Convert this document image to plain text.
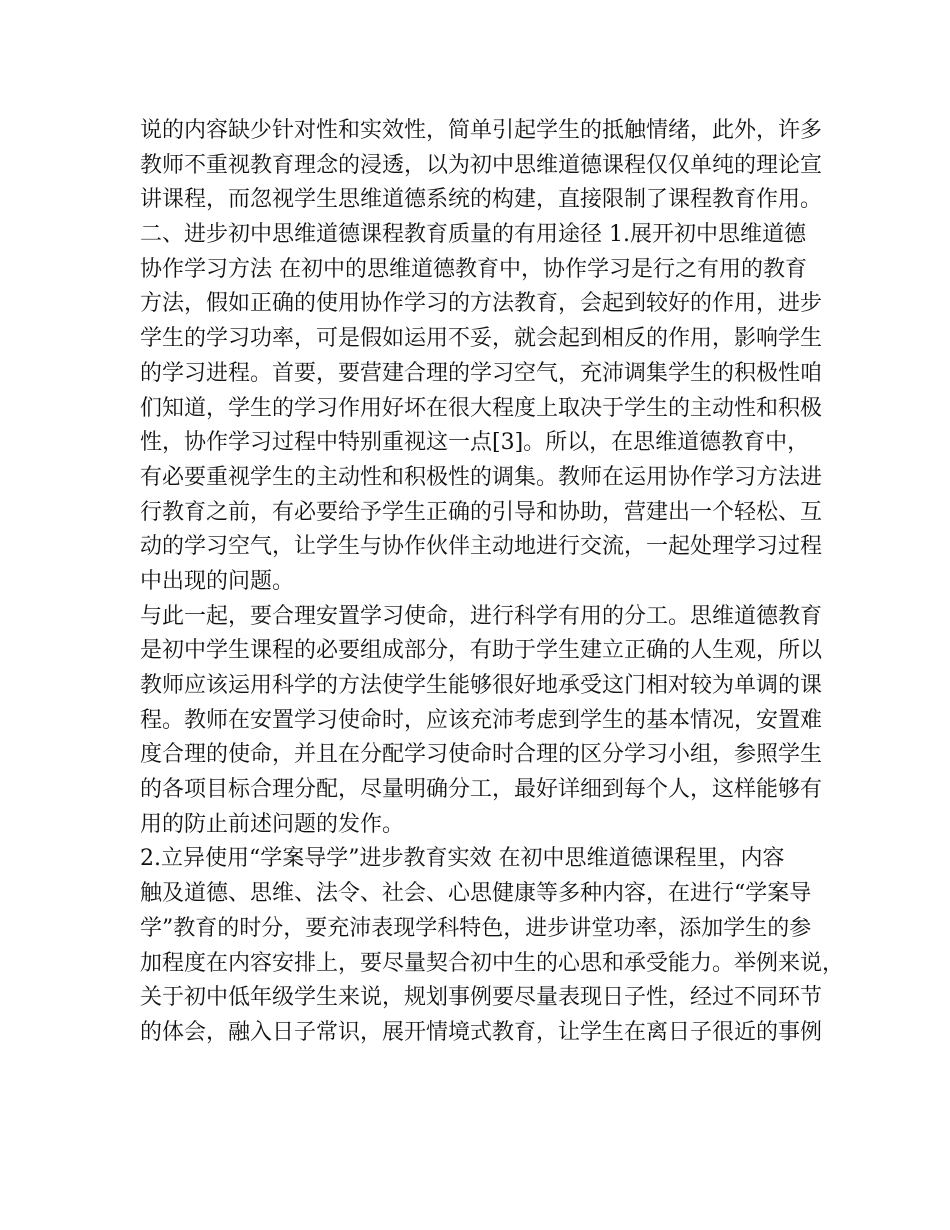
说的内容缺少针对性和实效性，简单引起学生的抵触情绪，此外，许多
教师不重视教育理念的浸透，以为初中思维道德课程仅仅单纯的理论宣
讲课程，而忽视学生思维道德系统的构建，直接限制了课程教育作用。
二、进步初中思维道德课程教育质量的有用途径 1.展开初中思维道德
协作学习方法 在初中的思维道德教育中，协作学习是行之有用的教育
方法，假如正确的使用协作学习的方法教育，会起到较好的作用，进步
学生的学习功率，可是假如运用不妥，就会起到相反的作用，影响学生
的学习进程。首要，要营建合理的学习空气，充沛调集学生的积极性咱
们知道，学生的学习作用好坏在很大程度上取决于学生的主动性和积极
性，协作学习过程中特别重视这一点[3]。所以，在思维道德教育中，
有必要重视学生的主动性和积极性的调集。教师在运用协作学习方法进
行教育之前，有必要给予学生正确的引导和协助，营建出一个轻松、互
动的学习空气，让学生与协作伙伴主动地进行交流，一起处理学习过程
中出现的问题。
与此一起，要合理安置学习使命，进行科学有用的分工。思维道德教育
是初中学生课程的必要组成部分，有助于学生建立正确的人生观，所以
教师应该运用科学的方法使学生能够很好地承受这门相对较为单调的课
程。教师在安置学习使命时，应该充沛考虑到学生的基本情况，安置难
度合理的使命，并且在分配学习使命时合理的区分学习小组，参照学生
的各项目标合理分配，尽量明确分工，最好详细到每个人，这样能够有
用的防止前述问题的发作。
2.立异使用“学案导学”进步教育实效 在初中思维道德课程里，内容
触及道德、思维、法令、社会、心思健康等多种内容，在进行“学案导
学”教育的时分，要充沛表现学科特色，进步讲堂功率，添加学生的参
加程度在内容安排上，要尽量契合初中生的心思和承受能力。举例来说，
关于初中低年级学生来说，规划事例要尽量表现日子性，经过不同环节
的体会，融入日子常识，展开情境式教育，让学生在离日子很近的事例
